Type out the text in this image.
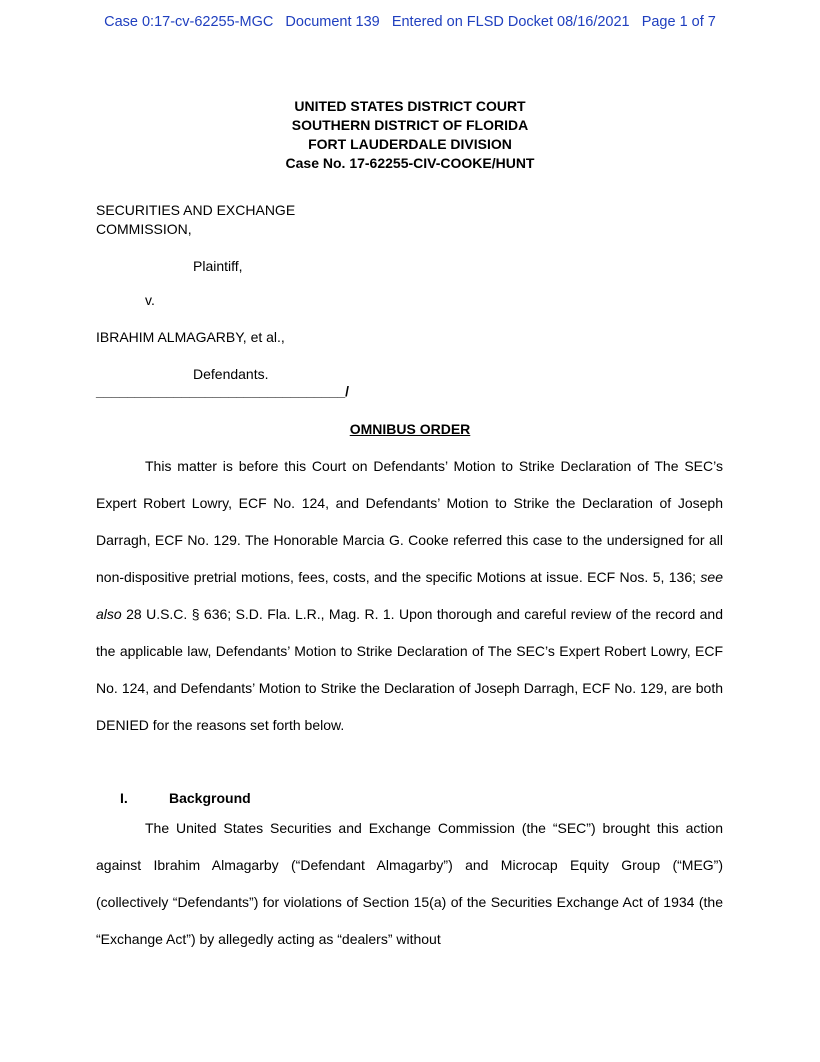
Case 0:17-cv-62255-MGC   Document 139   Entered on FLSD Docket 08/16/2021   Page 1 of 7
UNITED STATES DISTRICT COURT
SOUTHERN DISTRICT OF FLORIDA
FORT LAUDERDALE DIVISION
Case No. 17-62255-CIV-COOKE/HUNT
SECURITIES AND EXCHANGE
COMMISSION,
Plaintiff,
v.
IBRAHIM ALMAGARBY, et al.,
Defendants.
________________________________/
OMNIBUS ORDER
This matter is before this Court on Defendants’ Motion to Strike Declaration of The SEC’s Expert Robert Lowry, ECF No. 124, and Defendants’ Motion to Strike the Declaration of Joseph Darragh, ECF No. 129. The Honorable Marcia G. Cooke referred this case to the undersigned for all non-dispositive pretrial motions, fees, costs, and the specific Motions at issue. ECF Nos. 5, 136; see also 28 U.S.C. § 636; S.D. Fla. L.R., Mag. R. 1. Upon thorough and careful review of the record and the applicable law, Defendants’ Motion to Strike Declaration of The SEC’s Expert Robert Lowry, ECF No. 124, and Defendants’ Motion to Strike the Declaration of Joseph Darragh, ECF No. 129, are both DENIED for the reasons set forth below.
I.	Background
The United States Securities and Exchange Commission (the “SEC”) brought this action against Ibrahim Almagarby (“Defendant Almagarby”) and Microcap Equity Group (“MEG”) (collectively “Defendants”) for violations of Section 15(a) of the Securities Exchange Act of 1934 (the “Exchange Act”) by allegedly acting as “dealers” without
